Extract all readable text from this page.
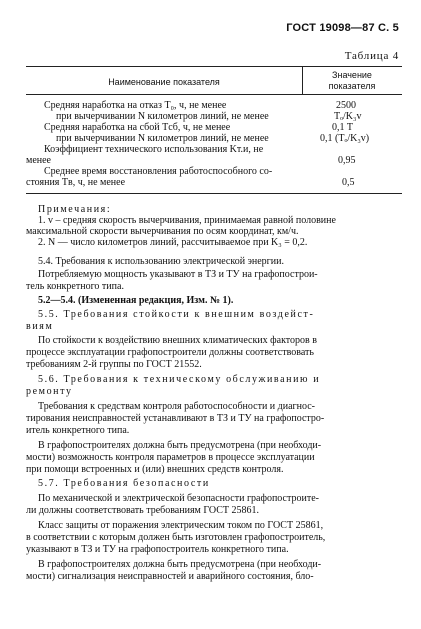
ГОСТ 19098—87 С. 5
Таблица 4
Наименование показателя
Значение
показателя
Средняя наработка на отказ T₀, ч, не менее	2500
при вычерчивании N километров линий, не менее	Tₒ/K₃v
Средняя наработка на сбой Tсб, ч, не менее	0,1 T
при вычерчивании N километров линий, не менее	0,1 (Tₒ/K₃v)
Коэффициент технического использования Kт.и, не
менее	0,95
Среднее время восстановления работоспособного со-
стояния Tв, ч, не менее	0,5
Примечания:
1. v – средняя скорость вычерчивания, принимаемая равной половине
максимальной скорости вычерчивания по осям координат, км/ч.
2. N — число километров линий, рассчитываемое при K₃ = 0,2.
5.4. Требования к использованию электрической энергии.
Потребляемую мощность указывают в ТЗ и ТУ на графопострои-
тель конкретного типа.
5.2—5.4. (Измененная редакция, Изм. № 1).
5.5. Требования стойкости к внешним воздейст-
виям
По стойкости к воздействию внешних климатических факторов в
процессе эксплуатации графопостроители должны соответствовать
требованиям 2-й группы по ГОСТ 21552.
5.6. Требования к техническому обслуживанию и
ремонту
Требования к средствам контроля работоспособности и диагнос-
тирования неисправностей устанавливают в ТЗ и ТУ на графопостро-
итель конкретного типа.
В графопостроителях должна быть предусмотрена (при необходи-
мости) возможность контроля параметров в процессе эксплуатации
при помощи встроенных и (или) внешних средств контроля.
5.7. Требования безопасности
По механической и электрической безопасности графопостроите-
ли должны соответствовать требованиям ГОСТ 25861.
Класс защиты от поражения электрическим током по ГОСТ 25861,
в соответствии с которым должен быть изготовлен графопостроитель,
указывают в ТЗ и ТУ на графопостроитель конкретного типа.
В графопостроителях должна быть предусмотрена (при необходи-
мости) сигнализация неисправностей и аварийного состояния, бло-
